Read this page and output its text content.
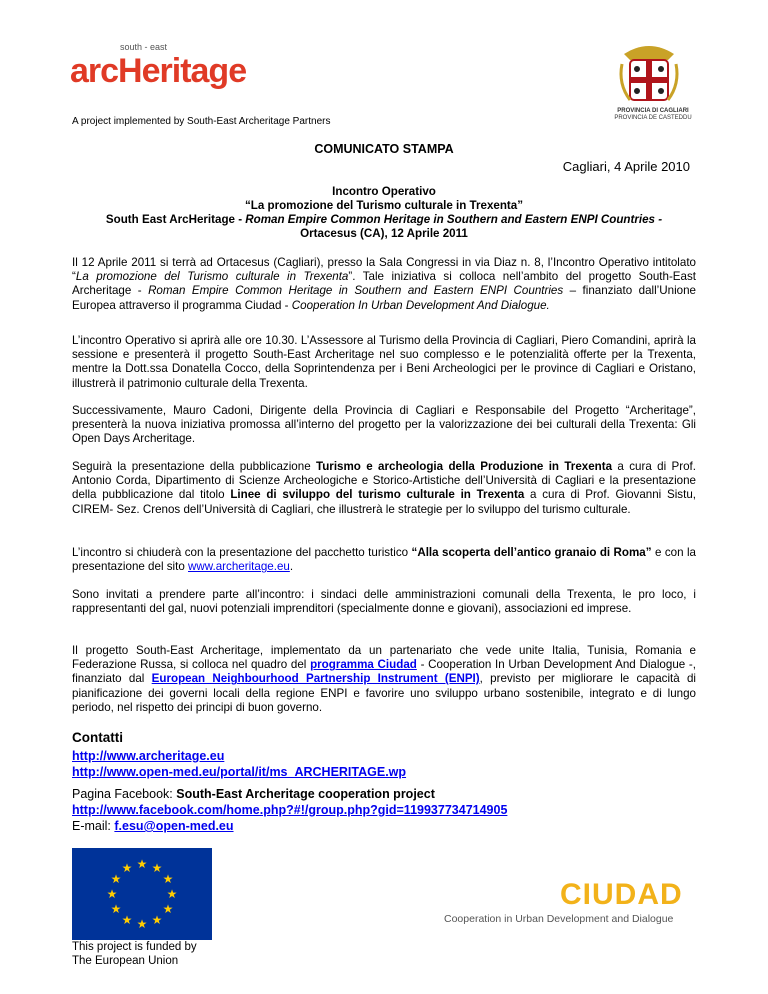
south - east
arcHeritage
A project implemented by South-East Archeritage Partners
PROVINCIA DI CAGLIARI
PROVINCIA DE CASTEDDU
COMUNICATO STAMPA
Cagliari, 4 Aprile 2010
Incontro Operativo
“La promozione del Turismo culturale in Trexenta”
South East ArcHeritage - Roman Empire Common Heritage in Southern and Eastern ENPI Countries -
Ortacesus (CA), 12 Aprile 2011

Il 12 Aprile 2011 si terrà ad Ortacesus (Cagliari), presso la Sala Congressi in via Diaz n. 8, l’Incontro Operativo intitolato “La promozione del Turismo culturale in Trexenta”. Tale iniziativa si colloca nell’ambito del progetto South-East Archeritage - Roman Empire Common Heritage in Southern and Eastern ENPI Countries – finanziato dall’Unione Europea attraverso il programma Ciudad - Cooperation In Urban Development And Dialogue.

L’incontro Operativo si aprirà alle ore 10.30. L’Assessore al Turismo della Provincia di Cagliari, Piero Comandini, aprirà la sessione e presenterà il progetto South-East Archeritage nel suo complesso e le potenzialità offerte per la Trexenta, mentre la Dott.ssa Donatella Cocco, della Soprintendenza per i Beni Archeologici per le province di Cagliari e Oristano, illustrerà il patrimonio culturale della Trexenta.

Successivamente, Mauro Cadoni, Dirigente della Provincia di Cagliari e Responsabile del Progetto “Archeritage”, presenterà la nuova iniziativa promossa all’interno del progetto per la valorizzazione dei bei culturali della Trexenta: Gli Open Days Archeritage.

Seguirà la presentazione della pubblicazione Turismo e archeologia della Produzione in Trexenta a cura di Prof. Antonio Corda, Dipartimento di Scienze Archeologiche e Storico-Artistiche dell’Università di Cagliari e la presentazione della pubblicazione dal titolo Linee di sviluppo del turismo culturale in Trexenta a cura di Prof. Giovanni Sistu, CIREM- Sez. Crenos dell’Università di Cagliari, che illustrerà le strategie per lo sviluppo del turismo culturale.

L’incontro si chiuderà con la presentazione del pacchetto turistico “Alla scoperta dell’antico granaio di Roma” e con la presentazione del sito www.archeritage.eu.

Sono invitati a prendere parte all’incontro: i sindaci delle amministrazioni comunali della Trexenta, le pro loco, i rappresentanti del gal, nuovi potenziali imprenditori (specialmente donne e giovani), associazioni ed imprese.

Il progetto South-East Archeritage, implementato da un partenariato che vede unite Italia, Tunisia, Romania e Federazione Russa, si colloca nel quadro del programma Ciudad - Cooperation In Urban Development And Dialogue -, finanziato dal European Neighbourhood Partnership Instrument (ENPI), previsto per migliorare le capacità di pianificazione dei governi locali della regione ENPI e favorire uno sviluppo urbano sostenibile, integrato e di lungo periodo, nel rispetto dei principi di buon governo.

Contatti
http://www.archeritage.eu
http://www.open-med.eu/portal/it/ms_ARCHERITAGE.wp
Pagina Facebook: South-East Archeritage cooperation project
http://www.facebook.com/home.php?#!/group.php?gid=119937734714905
E-mail: f.esu@open-med.eu
★ ★
★
★
★
★
★
★
★
★
★
★
This project is funded by
The European Union
CIUDAD
Cooperation in Urban Development and Dialogue
